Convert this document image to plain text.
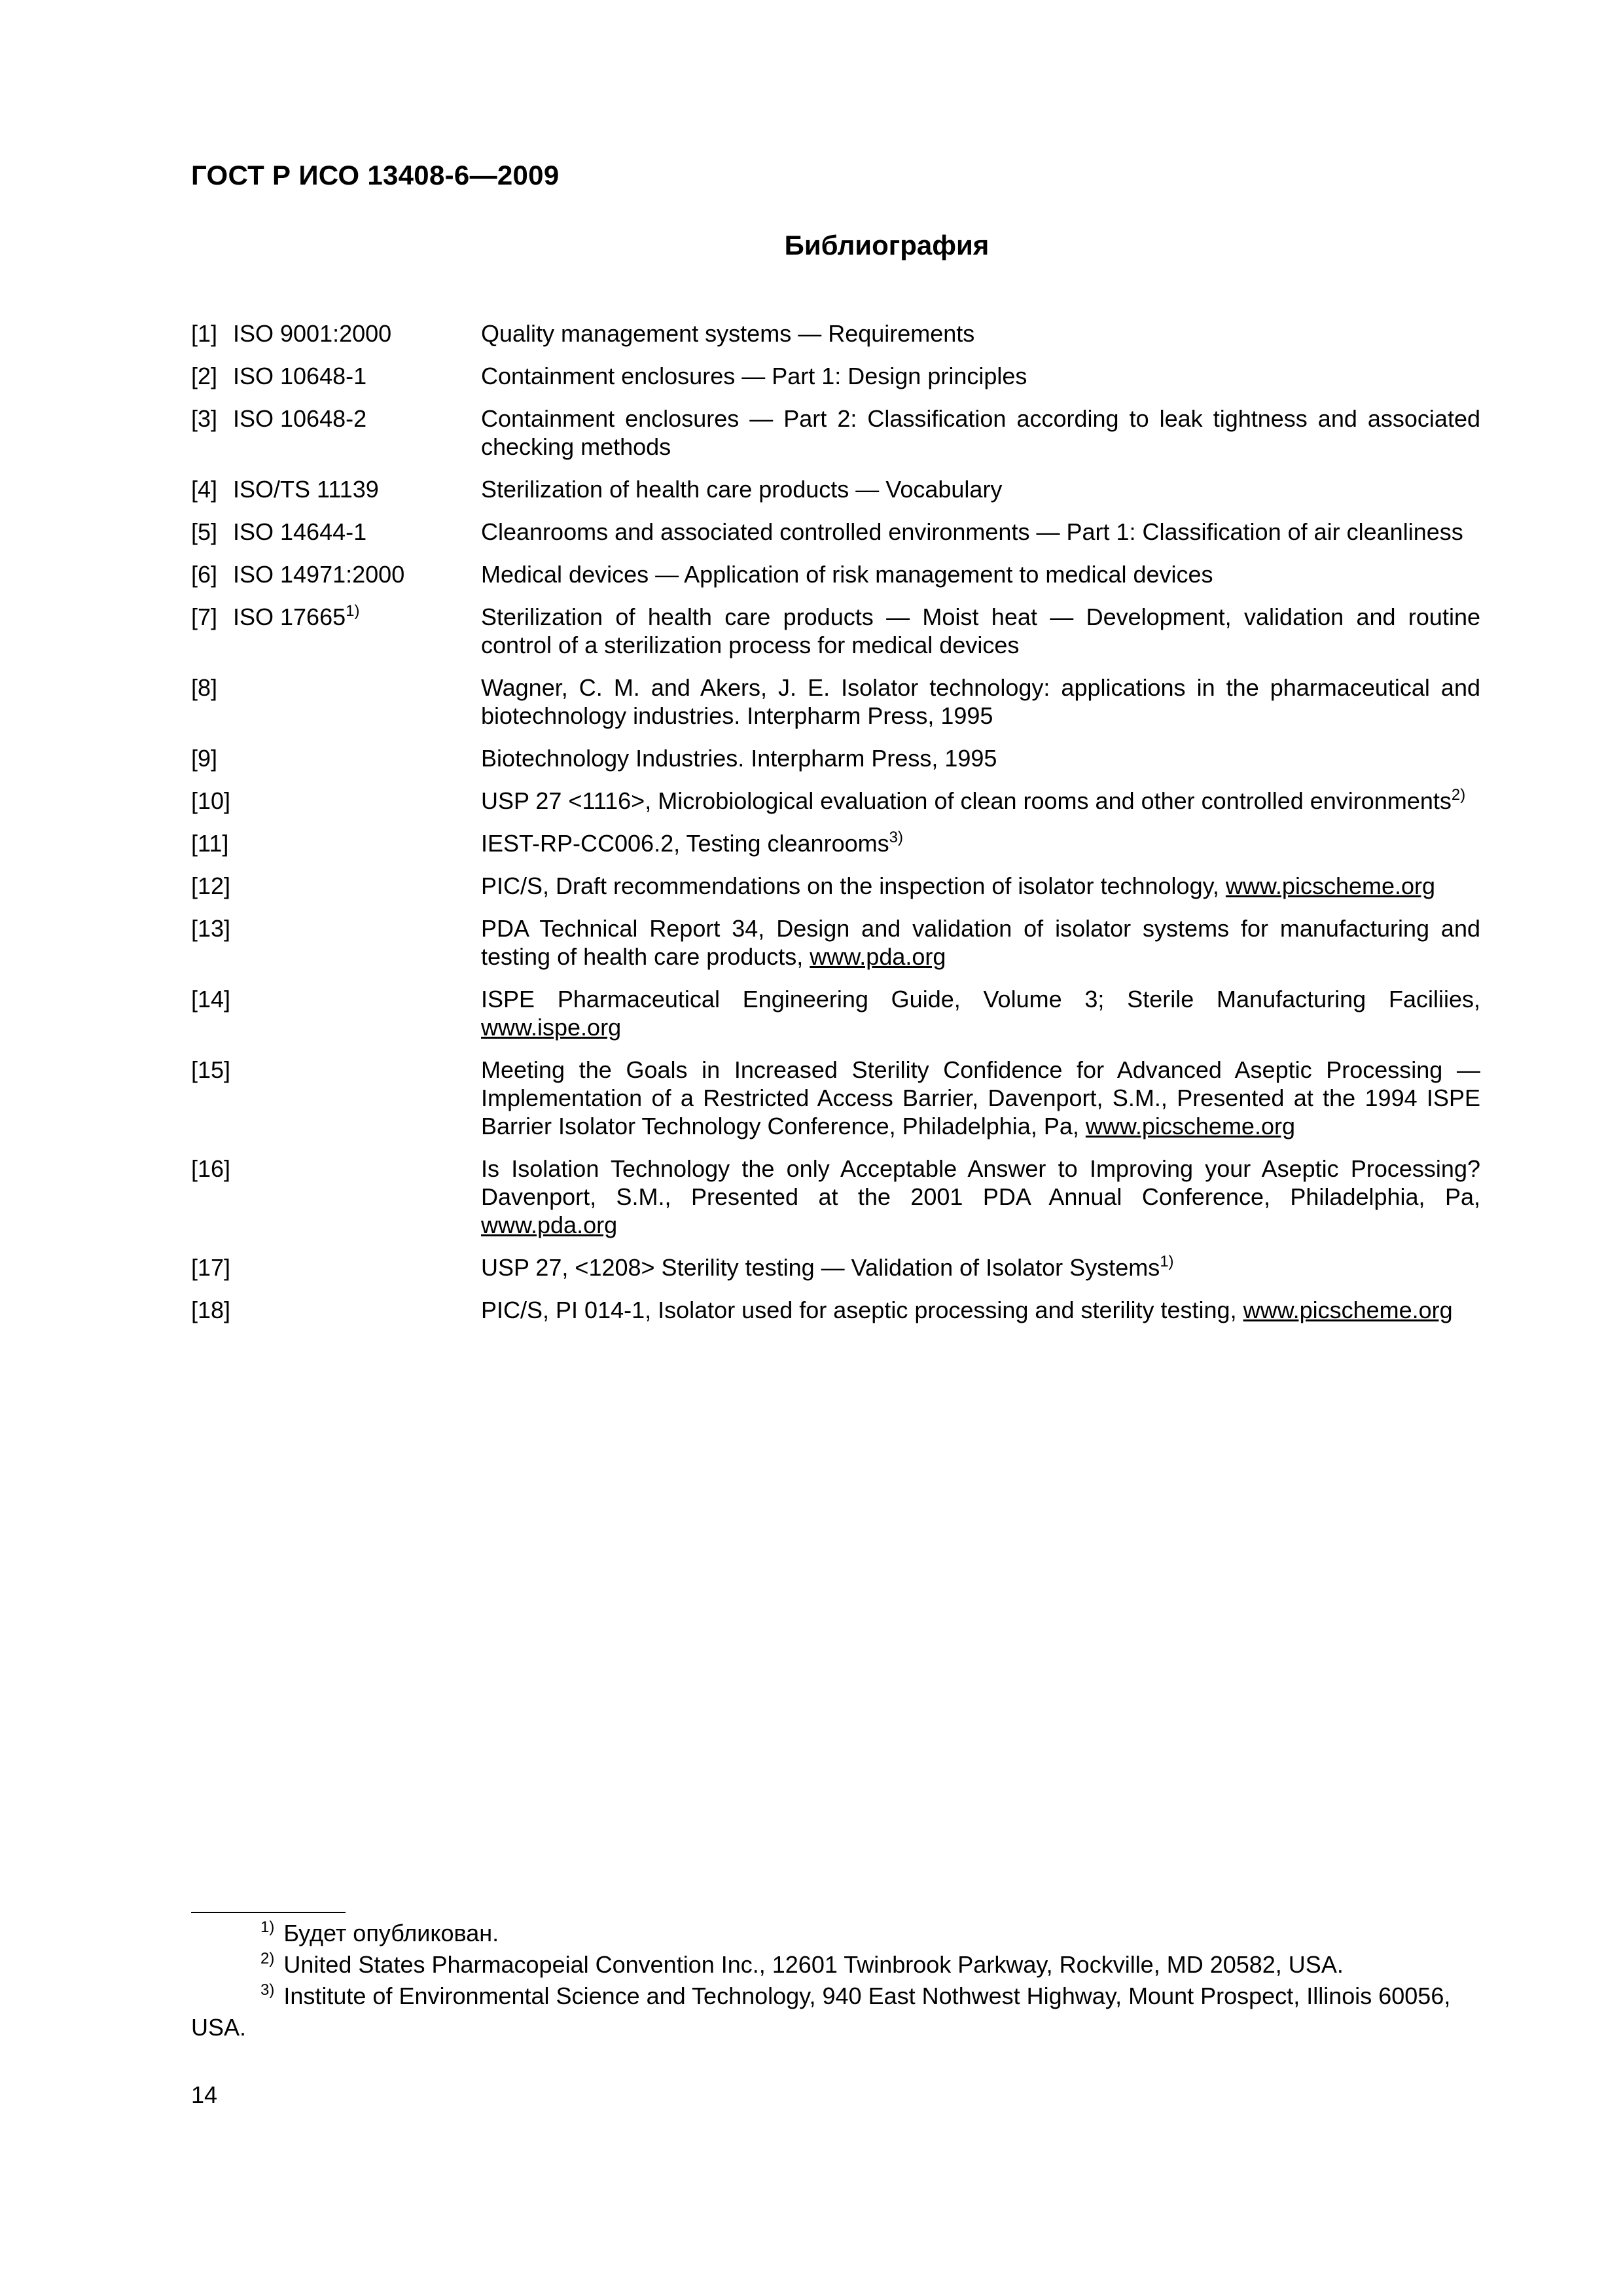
ГОСТ Р ИСО 13408-6—2009
Библиография
[1] ISO 9001:2000	Quality management systems — Requirements
[2] ISO 10648-1	Containment enclosures — Part 1: Design principles
[3] ISO 10648-2	Containment enclosures — Part 2: Classification according to leak tightness and associated checking methods
[4] ISO/TS 11139	Sterilization of health care products — Vocabulary
[5] ISO 14644-1	Cleanrooms and associated controlled environments — Part 1: Classification of air cleanliness
[6] ISO 14971:2000	Medical devices — Application of risk management to medical devices
[7] ISO 17665$^{1)}$	Sterilization of health care products — Moist heat — Development, validation and routine control of a sterilization process for medical devices
[8]	Wagner, C. M. and Akers, J. E. Isolator technology: applications in the pharmaceutical and biotechnology industries. Interpharm Press, 1995
[9]	Biotechnology Industries. Interpharm Press, 1995
[10]	USP 27 <1116>, Microbiological evaluation of clean rooms and other controlled environments$^{2)}$
[11]	IEST-RP-CC006.2, Testing cleanrooms$^{3)}$
[12]	PIC/S, Draft recommendations on the inspection of isolator technology, www.picscheme.org
[13]	PDA Technical Report 34, Design and validation of isolator systems for manufacturing and testing of health care products, www.pda.org
[14]	ISPE Pharmaceutical Engineering Guide, Volume 3; Sterile Manufacturing Faciliies, www.ispe.org
[15]	Meeting the Goals in Increased Sterility Confidence for Advanced Aseptic Processing — Implementation of a Restricted Access Barrier, Davenport, S.M., Presented at the 1994 ISPE Barrier Isolator Technology Conference, Philadelphia, Pa, www.picscheme.org
[16]	Is Isolation Technology the only Acceptable Answer to Improving your Aseptic Processing? Davenport, S.M., Presented at the 2001 PDA Annual Conference, Philadelphia, Pa, www.pda.org
[17]	USP 27, <1208> Sterility testing — Validation of Isolator Systems$^{1)}$
[18]	PIC/S, PI 014-1, Isolator used for aseptic processing and sterility testing, www.picscheme.org
$^{1)}$ Будет опубликован.
$^{2)}$ United States Pharmacopeial Convention Inc., 12601 Twinbrook Parkway, Rockville, MD 20582, USA.
$^{3)}$ Institute of Environmental Science and Technology, 940 East Nothwest Highway, Mount Prospect, Illinois 60056, USA.
14
